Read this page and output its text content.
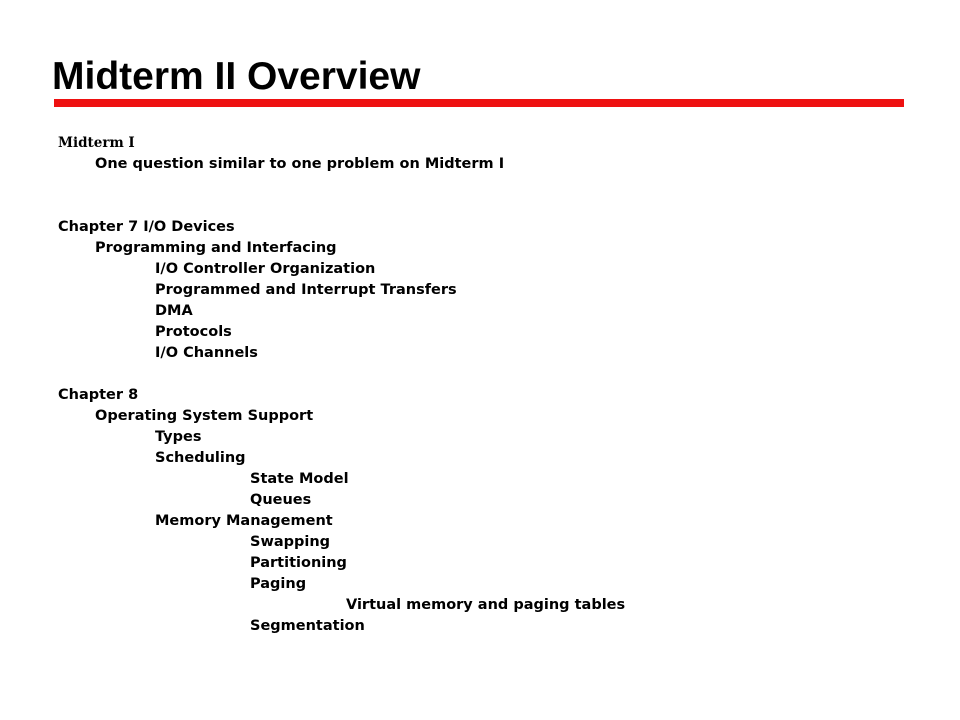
Midterm II Overview
Midterm I
One question similar to one problem on Midterm I
Chapter 7 I/O Devices
Programming and Interfacing
I/O Controller Organization
Programmed and Interrupt Transfers
DMA
Protocols
I/O Channels
Chapter 8
Operating System Support
Types
Scheduling
State Model
Queues
Memory Management
Swapping
Partitioning
Paging
Virtual memory and paging tables
Segmentation
